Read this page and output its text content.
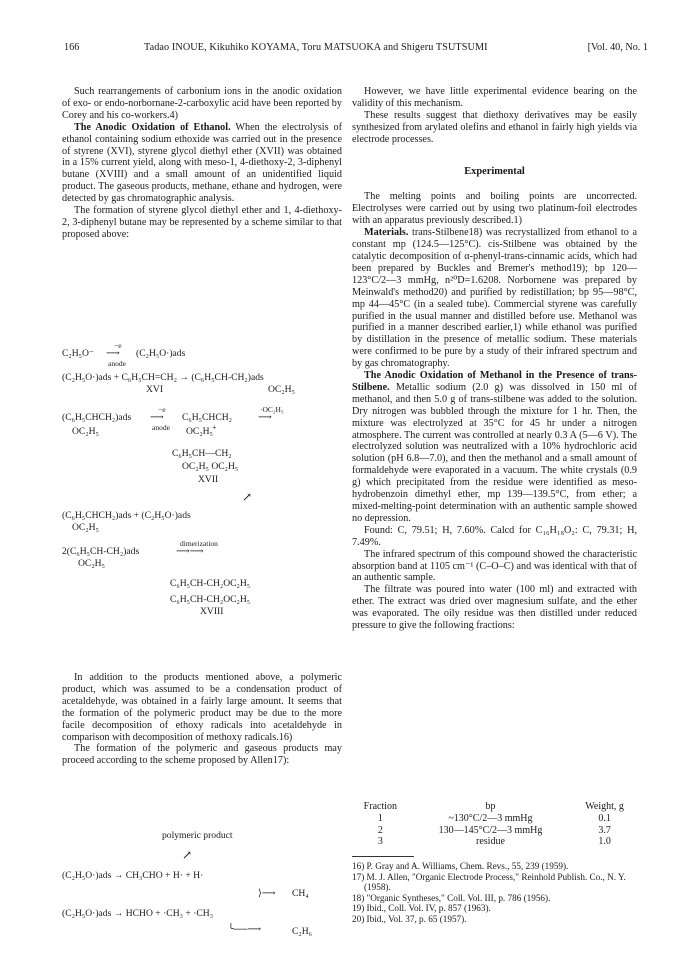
166	Tadao INOUE, Kikuhiko KOYAMA, Toru MATSUOKA and Shigeru TSUTSUMI	[Vol. 40, No. 1

Such rearrangements of carbonium ions in the anodic oxidation of exo- or endo-norbornane-2-carboxylic acid have been reported by Corey and his co-workers.4)

The Anodic Oxidation of Ethanol. When the electrolysis of ethanol containing sodium ethoxide was carried out in the presence of styrene (XVI), styrene glycol diethyl ether (XVII) was obtained in a 15% current yield, along with meso-1, 4-diethoxy-2, 3-diphenyl butane (XVIII) and a small amount of an unidentified liquid product. The gaseous products, methane, ethane and hydrogen, were detected by gas chromatographic analysis.

The formation of styrene glycol diethyl ether and 1, 4-diethoxy-2, 3-diphenyl butane may be represented by a scheme similar to that proposed above:

C₂H₅O⁻
−e
⟶
anode
(C₂H₅O·)ads
(C₂H₅O·)ads + C₆H₅CH=CH₂ → (C₆H₅CH-CH₂)ads
XVI	OC₂H₅
(C₆H₅CHCH₂)ads
−e
⟶
anode
C₆H₅CHCH₂
+
·OC₂H₅
⟶
OC₂H₅	OC₂H₅
C₆H₅CH—CH₂
OC₂H₅ OC₂H₅
XVII
↗
(C₆H₅CHCH₂)ads + (C₂H₅O·)ads
OC₂H₅
2(C₆H₅CH-CH₂)ads
dimerization
⟶⟶
OC₂H₅
C₆H₅CH-CH₂OC₂H₅
C₆H₅CH-CH₂OC₂H₅
XVIII

In addition to the products mentioned above, a polymeric product, which was assumed to be a condensation product of acetaldehyde, was obtained in a fairly large amount. It seems that the formation of the polymeric product may be due to the more facile decomposition of ethoxy radicals into acetaldehyde in comparison with decomposition of methoxy radicals.16)

The formation of the polymeric and gaseous products may proceed according to the scheme proposed by Allen17):

polymeric product
↗
(C₂H₅O·)ads → CH₃CHO + H· + H·
⟩⟶ CH₄
(C₂H₅O·)ads → HCHO + ·CH₃ + ·CH₃
╰──⟶	C₂H₆

However, we have little experimental evidence bearing on the validity of this mechanism.

These results suggest that diethoxy derivatives may be easily synthesized from arylated olefins and ethanol in fairly high yields via electrode processes.

Experimental

The melting points and boiling points are uncorrected. Electrolyses were carried out by using two platinum-foil electrodes with an apparatus previously described.1)

Materials. trans-Stilbene18) was recrystallized from ethanol to a constant mp (124.5—125°C). cis-Stilbene was obtained by the catalytic decomposition of α-phenyl-trans-cinnamic acids, which had been prepared by Buckles and Bremer's method19); bp 120—123°C/2—3 mmHg, n²⁰D=1.6208. Norbornene was prepared by Meinwald's method20) and purified by redistillation; bp 95—98°C, mp 44—45°C (in a sealed tube). Commercial styrene was carefully purified in the usual manner and distilled before use. Methanol was purified in a manner described earlier,1) while ethanol was purified by distillation in the presence of metallic sodium. These materials were confirmed to be pure by a study of their infrared spectrum and by gas chromatography.

The Anodic Oxidation of Methanol in the Presence of trans-Stilbene. Metallic sodium (2.0 g) was dissolved in 150 ml of methanol, and then 5.0 g of trans-stilbene was added to the solution. Dry nitrogen was bubbled through the mixture for 1 hr. Then, the mixture was electrolyzed at 35°C for 45 hr under a nitrogen atmosphere. The current was controlled at nearly 0.3 A (5—6 V). The electrolyzed solution was neutralized with a 10% hydrochloric acid solution (pH 6.8—7.0), and then the methanol and a small amount of formaldehyde were evaporated in a vacuum. The white crystals (0.9 g) which precipitated from the residue were identified as meso-hydrobenzoin dimethyl ether, mp 139—139.5°C, from ether; a mixed-melting-point determination with an authentic sample showed no depression.

Found: C, 79.51; H, 7.60%. Calcd for C₁₆H₁₈O₂: C, 79.31; H, 7.49%.

The infrared spectrum of this compound showed the characteristic absorption band at 1105 cm⁻¹ (C–O–C) and was identical with that of an authentic sample.

The filtrate was poured into water (100 ml) and extracted with ether. The extract was dried over magnesium sulfate, and the ether was evaporated. The oily residue was then distilled under reduced pressure to give the following fractions:

Fraction	bp	Weight, g
1	~130°C/2—3 mmHg	0.1
2	130—145°C/2—3 mmHg	3.7
3	residue	1.0
16) P. Gray and A. Williams, Chem. Revs., 55, 239 (1959).
17) M. J. Allen, "Organic Electrode Process," Reinhold Publish. Co., N. Y. (1958).
18) "Organic Syntheses," Coll. Vol. III, p. 786 (1956).
19) Ibid., Coll. Vol. IV, p. 857 (1963).
20) Ibid., Vol. 37, p. 65 (1957).
